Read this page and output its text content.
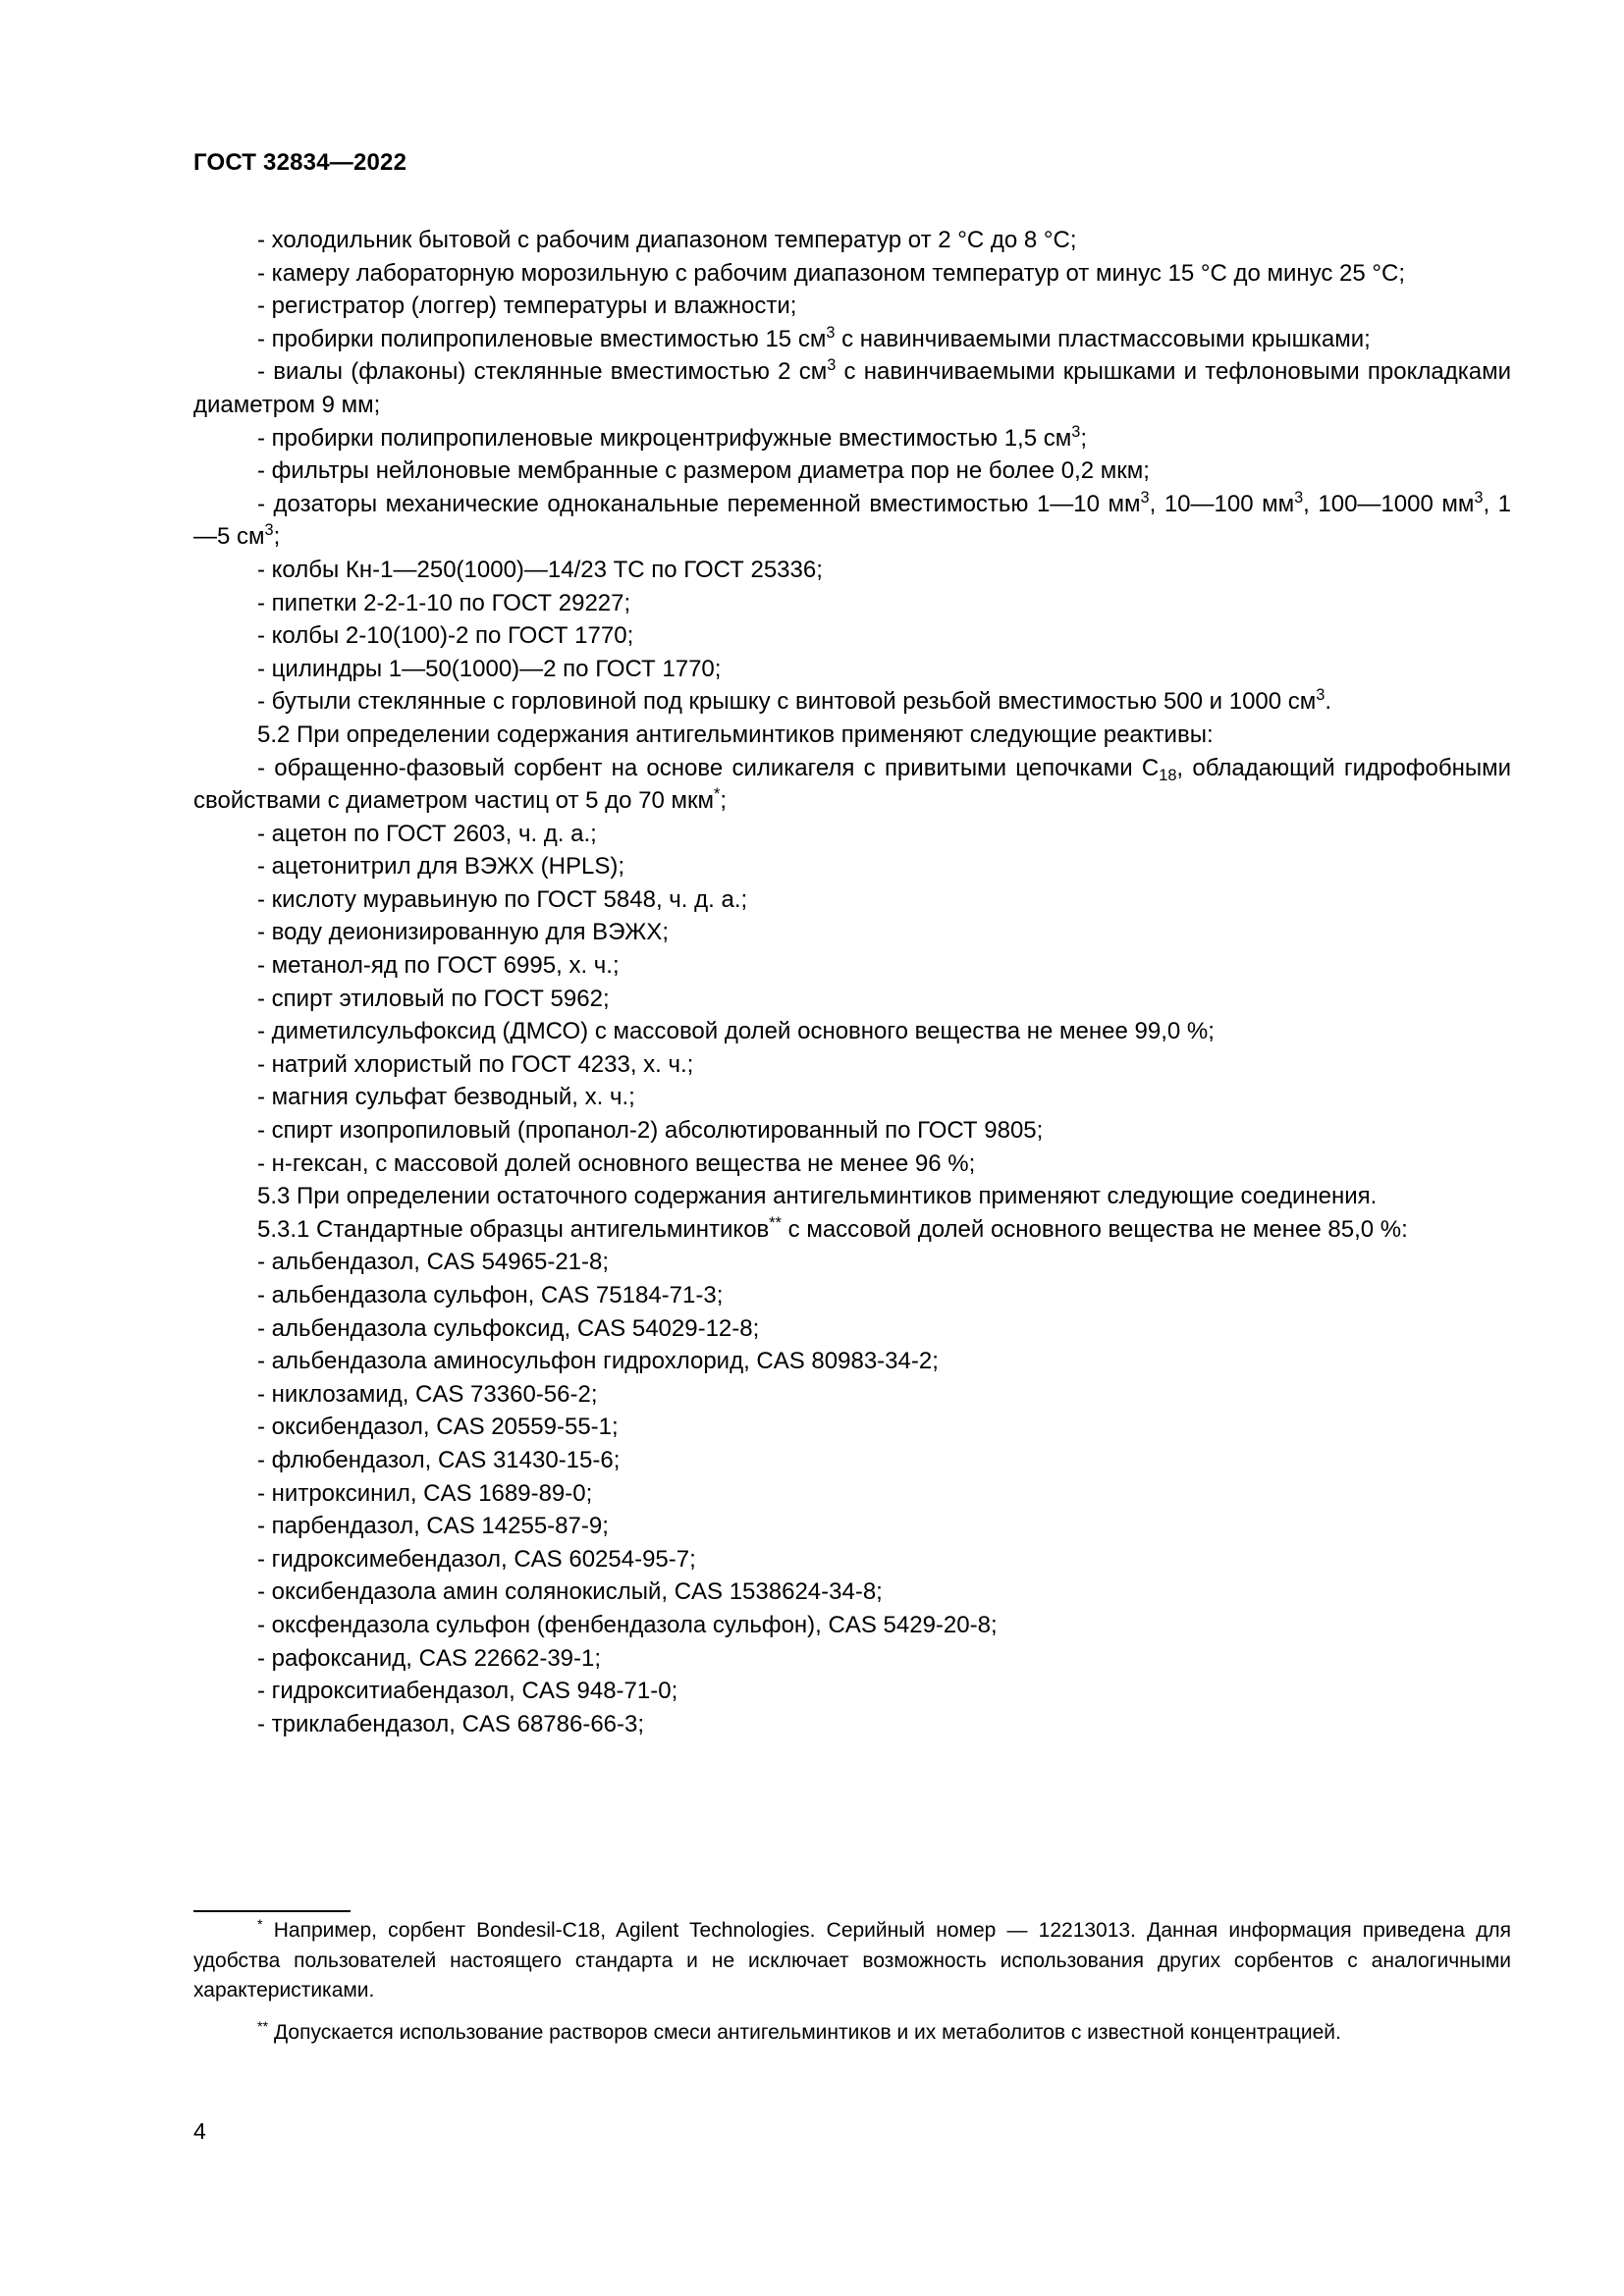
ГОСТ 32834—2022

- холодильник бытовой с рабочим диапазоном температур от 2 °С до 8 °С;

- камеру лабораторную морозильную с рабочим диапазоном температур от минус 15 °С до минус 25 °С;

- регистратор (логгер) температуры и влажности;

- пробирки полипропиленовые вместимостью 15 $см^3$ с навинчиваемыми пластмассовыми крышками;

- виалы (флаконы) стеклянные вместимостью 2 $см^3$ с навинчиваемыми крышками и тефлоновыми прокладками диаметром 9 мм;

- пробирки полипропиленовые микроцентрифужные вместимостью 1,5 $см^3$;

- фильтры нейлоновые мембранные с размером диаметра пор не более 0,2 мкм;

- дозаторы механические одноканальные переменной вместимостью 1—10 $мм^3$, 10—100 $мм^3$, 100—1000 $мм^3$, 1—5 $см^3$;

- колбы Кн-1—250(1000)—14/23 ТС по ГОСТ 25336;

- пипетки 2-2-1-10 по ГОСТ 29227;

- колбы 2-10(100)-2 по ГОСТ 1770;

- цилиндры 1—50(1000)—2 по ГОСТ 1770;

- бутыли стеклянные с горловиной под крышку с винтовой резьбой вместимостью 500 и 1000 $см^3$.

5.2 При определении содержания антигельминтиков применяют следующие реактивы:

- обращенно-фазовый сорбент на основе силикагеля с привитыми цепочками $С_{18}$, обладающий гидрофобными свойствами с диаметром частиц от 5 до 70 мкм*;

- ацетон по ГОСТ 2603, ч. д. а.;

- ацетонитрил для ВЭЖХ (HPLS);

- кислоту муравьиную по ГОСТ 5848, ч. д. а.;

- воду деионизированную для ВЭЖХ;

- метанол-яд по ГОСТ 6995, х. ч.;

- спирт этиловый по ГОСТ 5962;

- диметилсульфоксид (ДМСО) с массовой долей основного вещества не менее 99,0 %;

- натрий хлористый по ГОСТ 4233, х. ч.;

- магния сульфат безводный, х. ч.;

- спирт изопропиловый (пропанол-2) абсолютированный по ГОСТ 9805;

- н-гексан, с массовой долей основного вещества не менее 96 %;

5.3 При определении остаточного содержания антигельминтиков применяют следующие соединения.

5.3.1 Стандартные образцы антигельминтиков** с массовой долей основного вещества не менее 85,0 %:

- альбендазол, CAS 54965-21-8;

- альбендазола сульфон, CAS 75184-71-3;

- альбендазола сульфоксид, CAS 54029-12-8;

- альбендазола аминосульфон гидрохлорид, CAS 80983-34-2;

- никлозамид, CAS 73360-56-2;

- оксибендазол, CAS 20559-55-1;

- флюбендазол, CAS 31430-15-6;

- нитроксинил, CAS 1689-89-0;

- парбендазол, CAS 14255-87-9;

- гидроксимебендазол, CAS 60254-95-7;

- оксибендазола амин солянокислый, CAS 1538624-34-8;

- оксфендазола сульфон (фенбендазола сульфон), CAS 5429-20-8;

- рафоксанид, CAS 22662-39-1;

- гидрокситиабендазол, CAS 948-71-0;

- триклабендазол, CAS 68786-66-3;

* Например, сорбент Bondesil-C18, Agilent Technologies. Серийный номер — 12213013. Данная информация приведена для удобства пользователей настоящего стандарта и не исключает возможность использования других сорбентов с аналогичными характеристиками.

** Допускается использование растворов смеси антигельминтиков и их метаболитов с известной концентрацией.

4
